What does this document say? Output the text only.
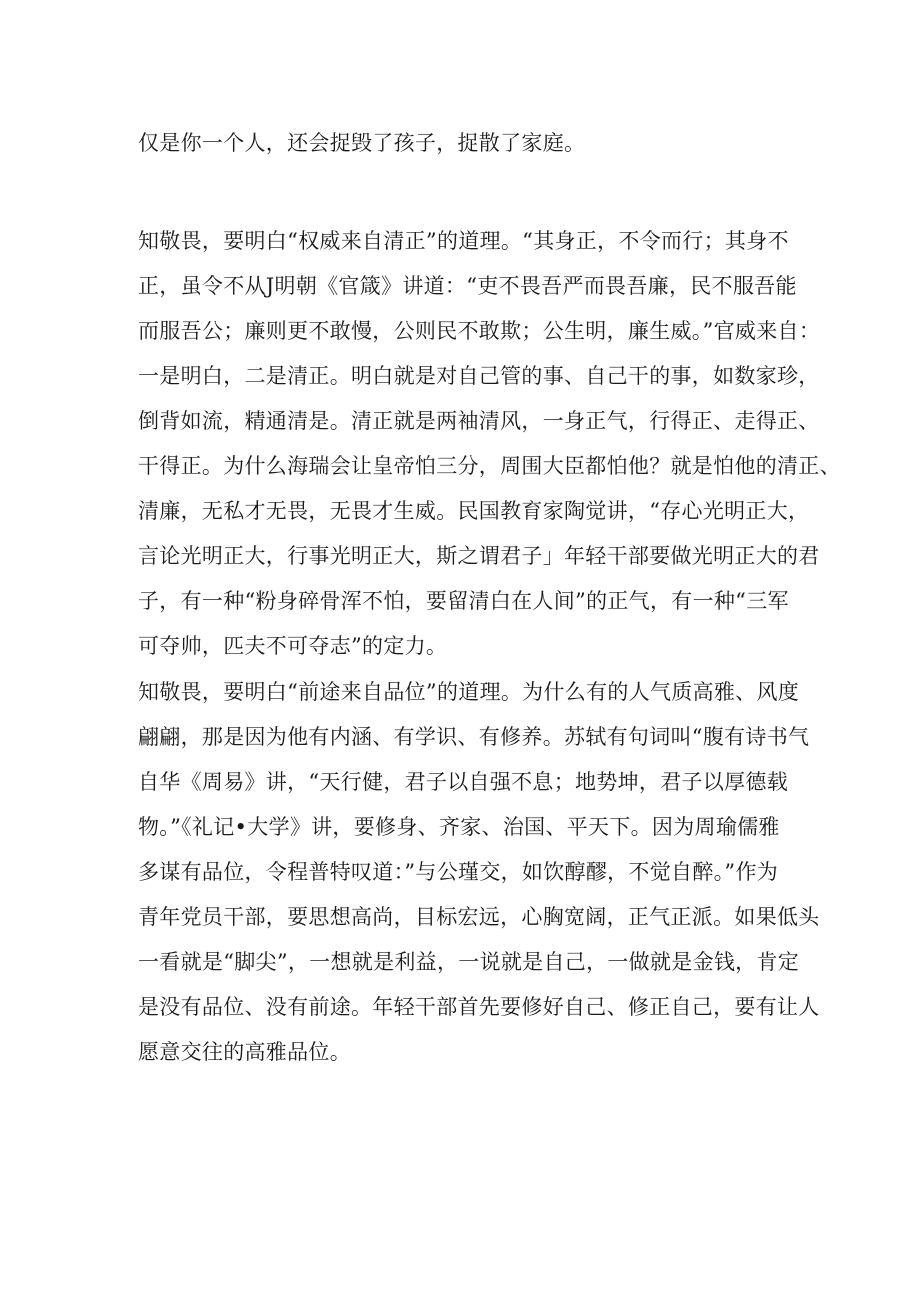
仅是你一个人，还会捉毁了孩子，捉散了家庭。
知敬畏，要明白“权威来自清正”的道理。“其身正，不令而行；其身不
正，虽令不从J明朝《官箴》讲道：“吏不畏吾严而畏吾廉，民不服吾能
而服吾公；廉则更不敢慢，公则民不敢欺；公生明，廉生威。”官威来自：
一是明白，二是清正。明白就是对自己管的事、自己干的事，如数家珍，
倒背如流，精通清是。清正就是两袖清风，一身正气，行得正、走得正、
干得正。为什么海瑞会让皇帝怕三分，周围大臣都怕他？就是怕他的清正、
清廉，无私才无畏，无畏才生威。民国教育家陶觉讲，“存心光明正大，
言论光明正大，行事光明正大，斯之谓君子」年轻干部要做光明正大的君
子，有一种“粉身碎骨浑不怕，要留清白在人间”的正气，有一种“三军
可夺帅，匹夫不可夺志”的定力。
知敬畏，要明白“前途来自品位”的道理。为什么有的人气质高雅、风度
翩翩，那是因为他有内涵、有学识、有修养。苏轼有句词叫“腹有诗书气
自华《周易》讲，“天行健，君子以自强不息；地势坤，君子以厚德载
物。”《礼记•大学》讲，要修身、齐家、治国、平天下。因为周瑜儒雅
多谋有品位，令程普特叹道：”与公瑾交，如饮醇醪，不觉自醉。”作为
青年党员干部，要思想高尚，目标宏远，心胸宽阔，正气正派。如果低头
一看就是“脚尖”，一想就是利益，一说就是自己，一做就是金钱，肯定
是没有品位、没有前途。年轻干部首先要修好自己、修正自己，要有让人
愿意交往的高雅品位。
